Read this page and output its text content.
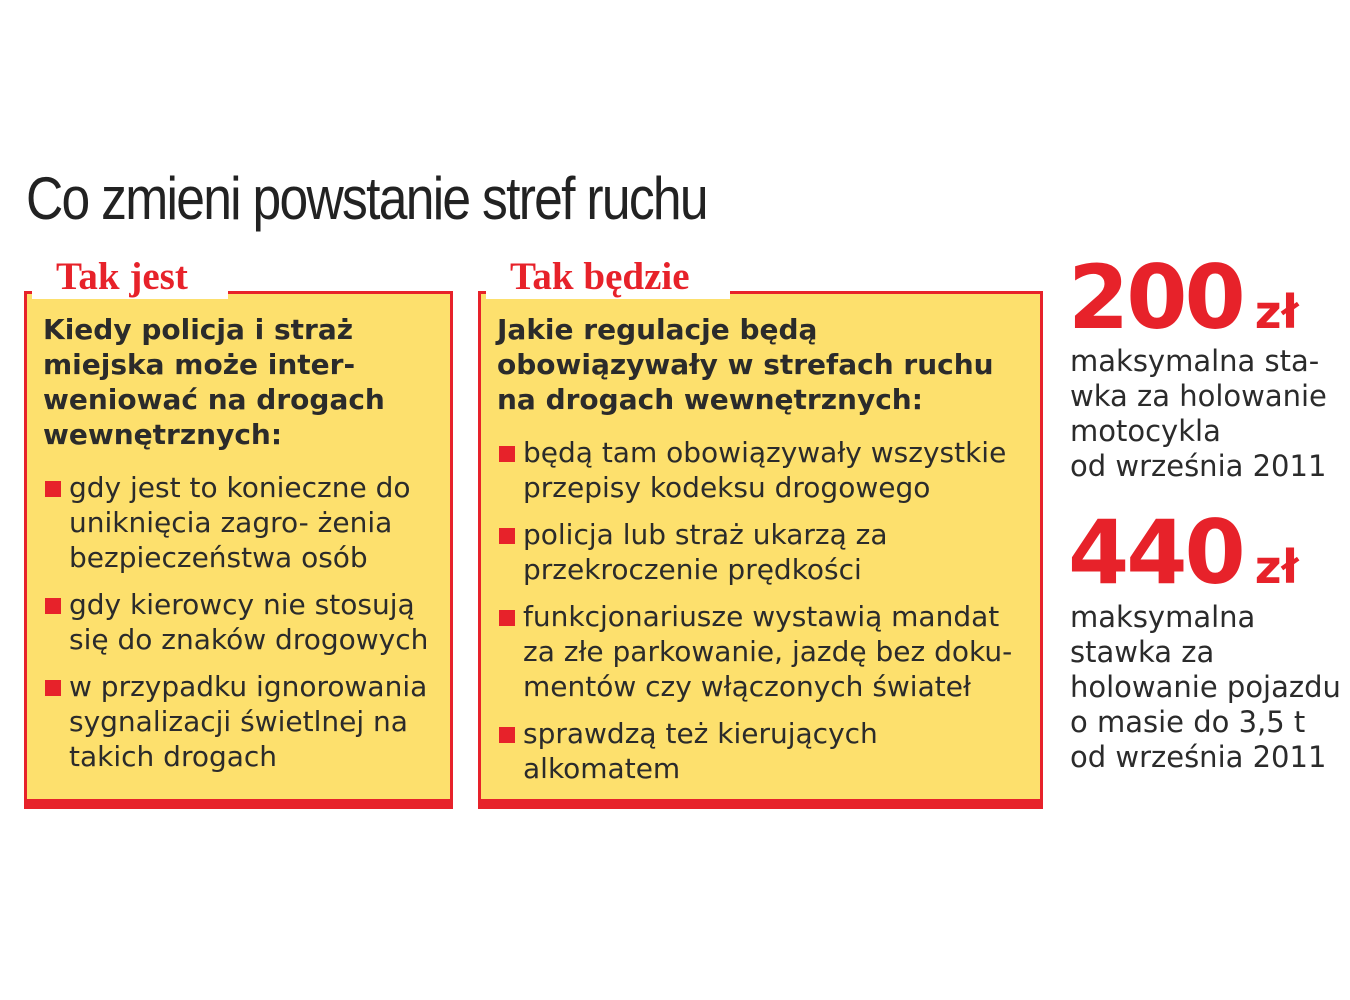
Co zmieni powstanie stref ruchu
Kiedy policja i straż
miejska może inter-
weniować na drogach
wewnętrznych:
gdy jest to konieczne do
uniknięcia zagro- żenia
bezpieczeństwa osób
gdy kierowcy nie stosują
się do znaków drogowych
w przypadku ignorowania
sygnalizacji świetlnej na
takich drogach
Tak jest
Jakie regulacje będą
obowiązywały w strefach ruchu
na drogach wewnętrznych:
będą tam obowiązywały wszystkie
przepisy kodeksu drogowego
policja lub straż ukarzą za
przekroczenie prędkości
funkcjonariusze wystawią mandat
za złe parkowanie, jazdę bez doku-
mentów czy włączonych świateł
sprawdzą też kierujących
alkomatem
Tak będzie	200 zł
maksymalna sta-
wka za holowanie
motocykla
od września 2011
440 zł
maksymalna
stawka za
holowanie pojazdu
o masie do 3,5 t
od września 2011
